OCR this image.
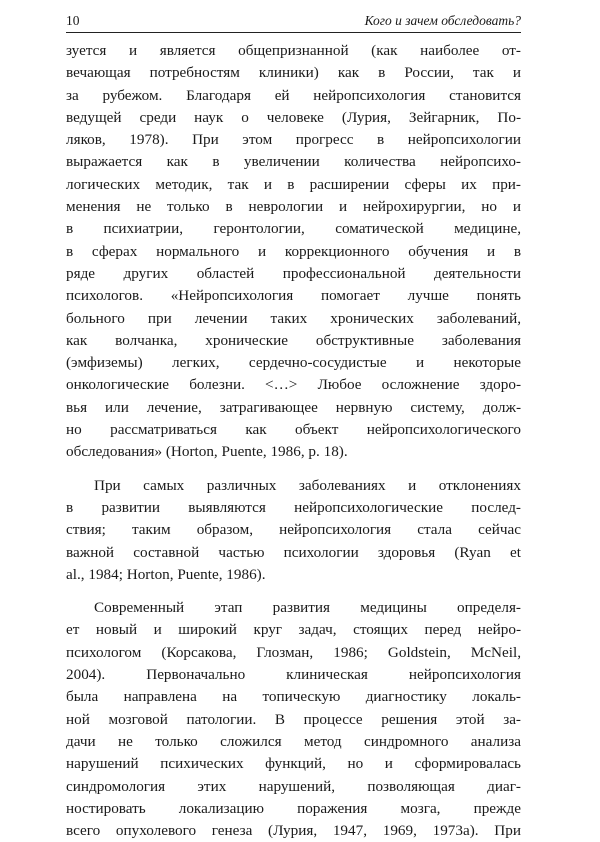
10	Кого и зачем обследовать?
зуется и является общепризнанной (как наиболее от-
вечающая потребностям клиники) как в России, так и
за рубежом. Благодаря ей нейропсихология становится
ведущей среди наук о человеке (Лурия, Зейгарник, По-
ляков, 1978). При этом прогресс в нейропсихологии
выражается как в увеличении количества нейропсихо-
логических методик, так и в расширении сферы их при-
менения не только в неврологии и нейрохирургии, но и
в психиатрии, геронтологии, соматической медицине,
в сферах нормального и коррекционного обучения и в
ряде других областей профессиональной деятельности
психологов. «Нейропсихология помогает лучше понять
больного при лечении таких хронических заболеваний,
как волчанка, хронические обструктивные заболевания
(эмфиземы) легких, сердечно-сосудистые и некоторые
онкологические болезни. <…> Любое осложнение здоро-
вья или лечение, затрагивающее нервную систему, долж-
но рассматриваться как объект нейропсихологического
обследования» (Horton, Puente, 1986, p. 18).
При самых различных заболеваниях и отклонениях
в развитии выявляются нейропсихологические послед-
ствия; таким образом, нейропсихология стала сейчас
важной составной частью психологии здоровья (Ryan et
al., 1984; Horton, Puente, 1986).
Современный этап развития медицины определя-
ет новый и широкий круг задач, стоящих перед нейро-
психологом (Корсакова, Глозман, 1986; Goldstein, McNeil,
2004). Первоначально клиническая нейропсихология
была направлена на топическую диагностику локаль-
ной мозговой патологии. В процессе решения этой за-
дачи не только сложился метод синдромного анализа
нарушений психических функций, но и сформировалась
синдромология этих нарушений, позволяющая диаг-
ностировать локализацию поражения мозга, прежде
всего опухолевого генеза (Лурия, 1947, 1969, 1973а). При
